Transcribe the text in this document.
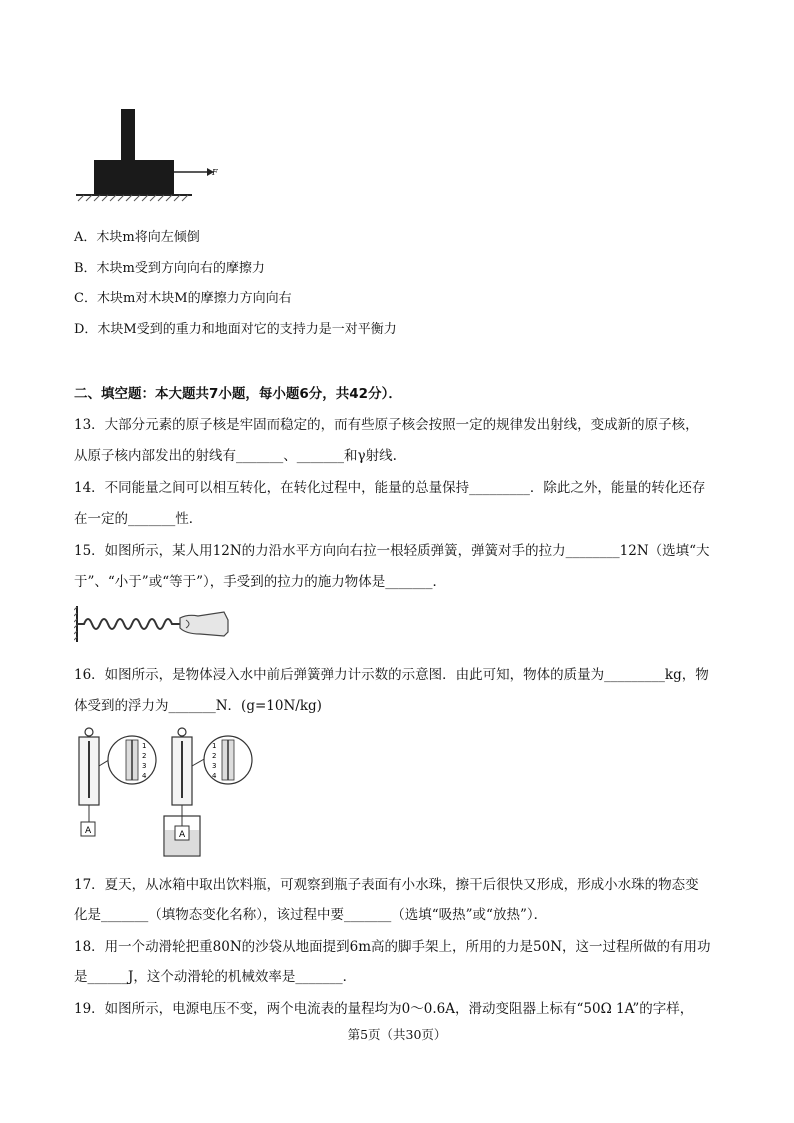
F
A．木块m将向左倾倒
B．木块m受到方向向右的摩擦力
C．木块m对木块M的摩擦力方向向右
D．木块M受到的重力和地面对它的支持力是一对平衡力
二、填空题：本大题共7小题，每小题6分，共42分）．
13．大部分元素的原子核是牢固而稳定的，而有些原子核会按照一定的规律发出射线，变成新的原子核，
从原子核内部发出的射线有_______、_______和γ射线.
14．不同能量之间可以相互转化，在转化过程中，能量的总量保持_________．除此之外，能量的转化还存
在一定的_______性．
15．如图所示，某人用12N的力沿水平方向向右拉一根轻质弹簧，弹簧对手的拉力________12N（选填“大
于”、“小于”或“等于”），手受到的拉力的施力物体是_______．
16．如图所示，是物体浸入水中前后弹簧弹力计示数的示意图．由此可知，物体的质量为_________kg，物
体受到的浮力为_______N．(g=10N/kg)
A
1
2
3
4
A
1
2
3
4
17．夏天，从冰箱中取出饮料瓶，可观察到瓶子表面有小水珠，擦干后很快又形成，形成小水珠的物态变
化是_______（填物态变化名称），该过程中要_______（选填“吸热”或“放热”）．
18．用一个动滑轮把重80N的沙袋从地面提到6m高的脚手架上，所用的力是50N，这一过程所做的有用功
是______J，这个动滑轮的机械效率是_______．
19．如图所示，电源电压不变，两个电流表的量程均为0～0.6A，滑动变阻器上标有“50Ω 1A”的字样，
第5页（共30页）
